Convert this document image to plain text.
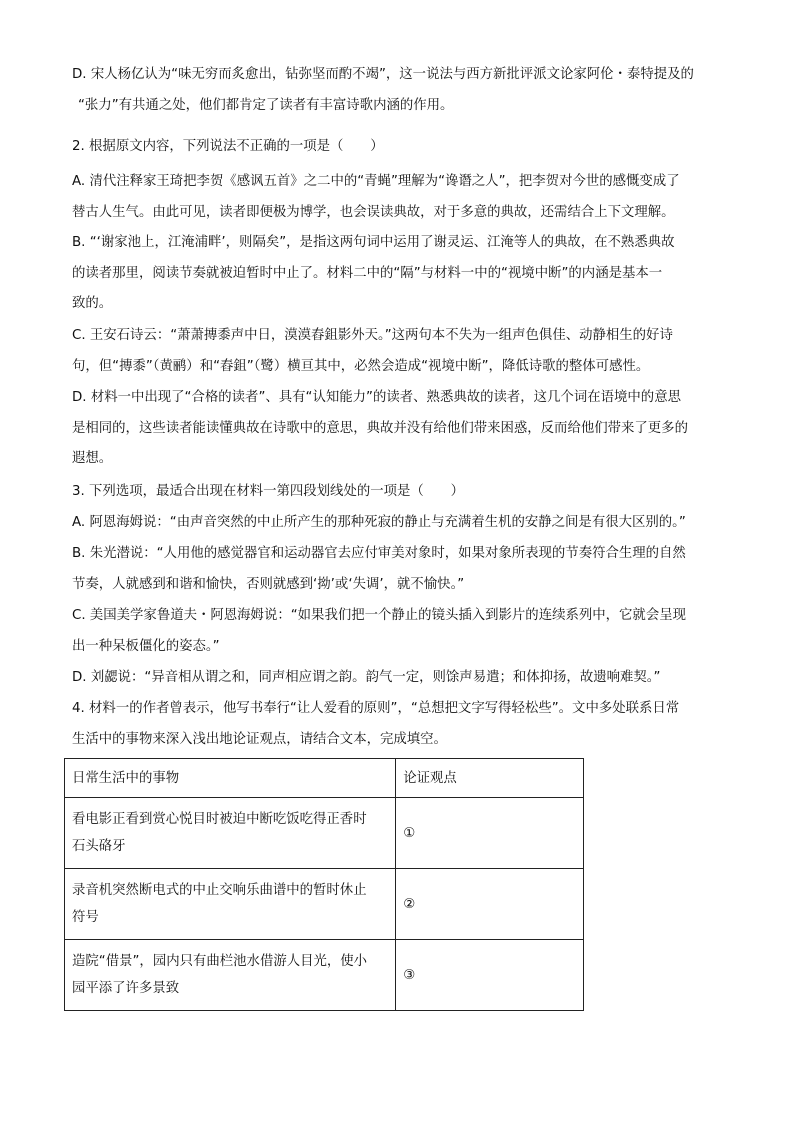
D. 宋人杨亿认为“味无穷而炙愈出，钻弥坚而酌不竭”，这一说法与西方新批评派文论家阿伦・泰特提及的
“张力”有共通之处，他们都肯定了读者有丰富诗歌内涵的作用。

2. 根据原文内容，下列说法不正确的一项是（　　）

A. 清代注释家王琦把李贺《感讽五首》之二中的“青蝇”理解为“谗谮之人”，把李贺对今世的感慨变成了
替古人生气。由此可见，读者即便极为博学，也会误读典故，对于多意的典故，还需结合上下文理解。

B. “‘谢家池上，江淹浦畔’，则隔矣”，是指这两句词中运用了谢灵运、江淹等人的典故，在不熟悉典故
的读者那里，阅读节奏就被迫暂时中止了。材料二中的“隔”与材料一中的“视境中断”的内涵是基本一
致的。

C. 王安石诗云：“萧萧摶黍声中日，漠漠舂鉏影外天。”这两句本不失为一组声色俱佳、动静相生的好诗
句，但“摶黍”（黄鹂）和“舂鉏”（鹭）横亘其中，必然会造成“视境中断”，降低诗歌的整体可感性。

D. 材料一中出现了“合格的读者”、具有“认知能力”的读者、熟悉典故的读者，这几个词在语境中的意思
是相同的，这些读者能读懂典故在诗歌中的意思，典故并没有给他们带来困惑，反而给他们带来了更多的
遐想。

3. 下列选项，最适合出现在材料一第四段划线处的一项是（　　）

A. 阿恩海姆说：“由声音突然的中止所产生的那种死寂的静止与充满着生机的安静之间是有很大区别的。”

B. 朱光潜说：“人用他的感觉器官和运动器官去应付审美对象时，如果对象所表现的节奏符合生理的自然
节奏，人就感到和谐和愉快，否则就感到‘拗’或‘失调’，就不愉快。”

C. 美国美学家鲁道夫・阿恩海姆说：“如果我们把一个静止的镜头插入到影片的连续系列中，它就会呈现
出一种呆板僵化的姿态。”

D. 刘勰说：“异音相从谓之和，同声相应谓之韵。韵气一定，则馀声易遣；和体抑扬，故遗响难契。”

4. 材料一的作者曾表示，他写书奉行“让人爱看的原则”，“总想把文字写得轻松些”。文中多处联系日常
生活中的事物来深入浅出地论证观点，请结合文本，完成填空。

日常生活中的事物	论证观点

看电影正看到赏心悦目时被迫中断吃饭吃得正香时
石头硌牙	①

录音机突然断电式的中止交响乐曲谱中的暂时休止
符号	②

造院“借景”，园内只有曲栏池水借游人目光，使小
园平添了许多景致	③
